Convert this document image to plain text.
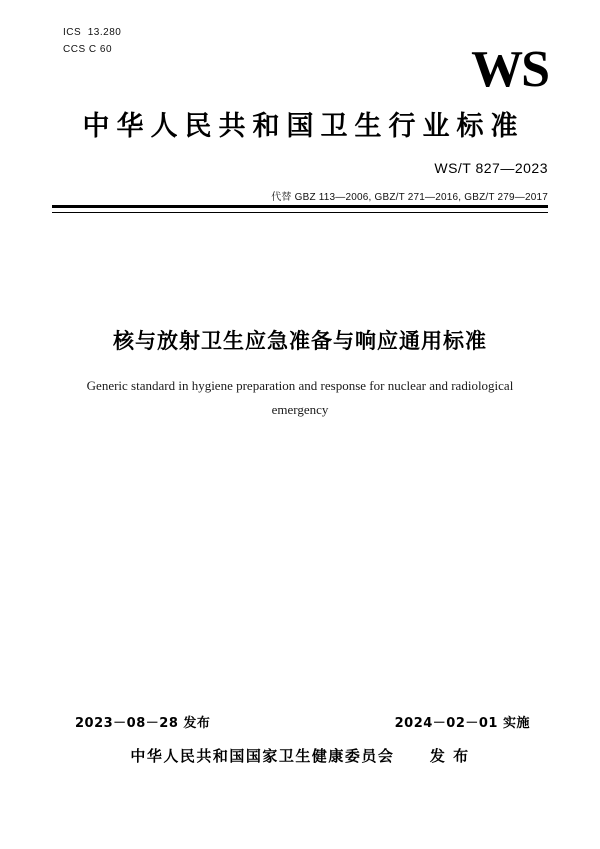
ICS  13.280
CCS C 60	WS
中华人民共和国卫生行业标准
WS/T 827—2023
代替 GBZ 113—2006, GBZ/T 271—2016, GBZ/T 279—2017
核与放射卫生应急准备与响应通用标准
Generic standard in hygiene preparation and response for nuclear and radiological emergency
2023－08－28 发布	2024－02－01 实施
中华人民共和国国家卫生健康委员会 发 布
